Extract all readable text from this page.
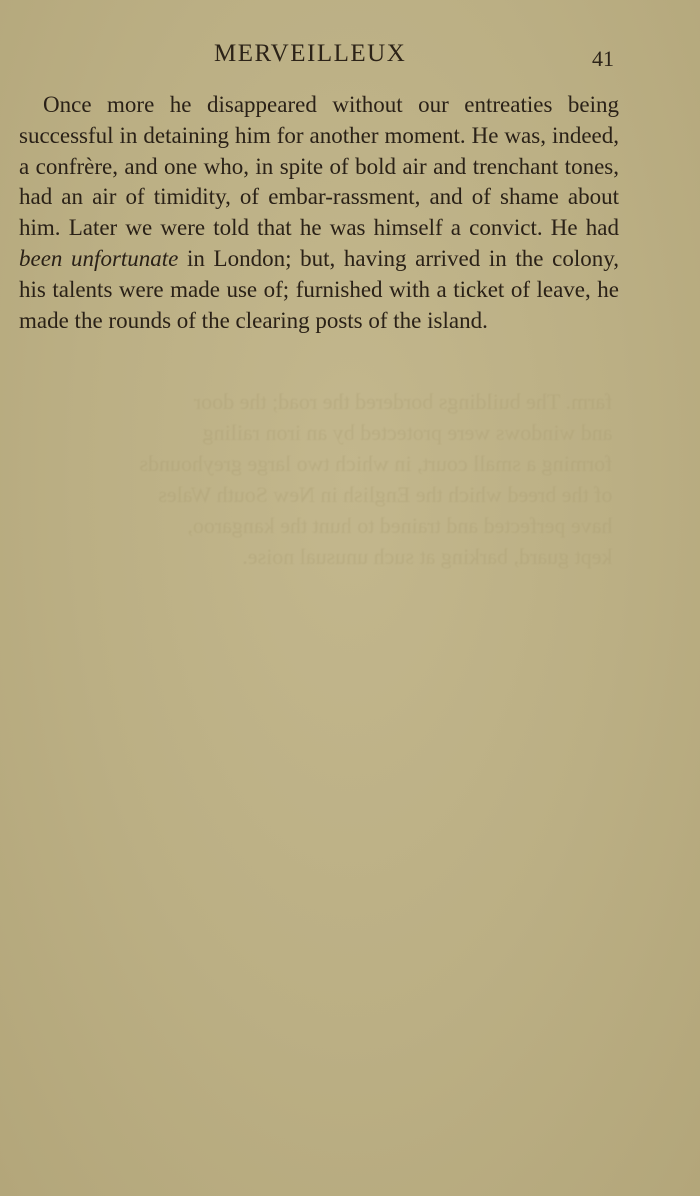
farm. The buildings bordered the road; the door
and windows were protected by an iron railing
forming a small court, in which two large greyhounds
of the breed which the English in New South Wales
have perfected and trained to hunt the kangaroo,
kept guard, barking at such unusual noise.

MERVEILLEUX	41

Once more he disappeared without our entreaties being successful in detaining him for another moment. He was, indeed, a confrère, and one who, in spite of bold air and trenchant tones, had an air of timidity, of embar-rassment, and of shame about him. Later we were told that he was himself a convict. He had been unfortunate in London; but, having arrived in the colony, his talents were made use of; furnished with a ticket of leave, he made the rounds of the clearing posts of the island.
